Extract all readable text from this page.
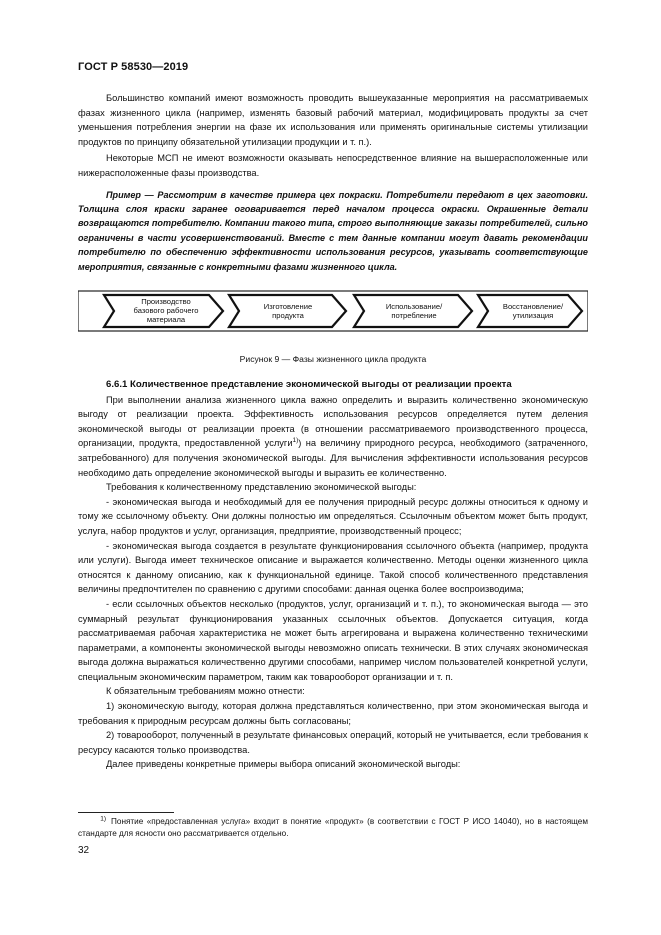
ГОСТ Р 58530—2019

Большинство компаний имеют возможность проводить вышеуказанные мероприятия на рассматриваемых фазах жизненного цикла (например, изменять базовый рабочий материал, модифицировать продукты за счет уменьшения потребления энергии на фазе их использования или применять оригинальные системы утилизации продуктов по принципу обязательной утилизации продукции и т. п.).

Некоторые МСП не имеют возможности оказывать непосредственное влияние на вышерасположенные или нижерасположенные фазы производства.

Пример — Рассмотрим в качестве примера цех покраски. Потребители передают в цех заготовки. Толщина слоя краски заранее оговаривается перед началом процесса окраски. Окрашенные детали возвращаются потребителю. Компании такого типа, строго выполняющие заказы потребителей, сильно ограничены в части усовершенствований. Вместе с тем данные компании могут давать рекомендации потребителю по обеспечению эффективности использования ресурсов, указывать соответствующие мероприятия, связанные с конкретными фазами жизненного цикла.

Производство
базового рабочего
материала
Изготовление
продукта
Использование/
потребление
Восстановление/
утилизация
Рисунок 9 — Фазы жизненного цикла продукта

6.6.1 Количественное представление экономической выгоды от реализации проекта

При выполнении анализа жизненного цикла важно определить и выразить количественно экономическую выгоду от реализации проекта. Эффективность использования ресурсов определяется путем деления экономической выгоды от реализации проекта (в отношении рассматриваемого производственного процесса, организации, продукта, предоставленной услуги$^{1)}$) на величину природного ресурса, необходимого (затраченного, затребованного) для получения экономической выгоды. Для вычисления эффективности использования ресурсов необходимо дать определение экономической выгоды и выразить ее количественно.

Требования к количественному представлению экономической выгоды:

- экономическая выгода и необходимый для ее получения природный ресурс должны относиться к одному и тому же ссылочному объекту. Они должны полностью им определяться. Ссылочным объектом может быть продукт, услуга, набор продуктов и услуг, организация, предприятие, производственный процесс;

- экономическая выгода создается в результате функционирования ссылочного объекта (например, продукта или услуги). Выгода имеет техническое описание и выражается количественно. Методы оценки жизненного цикла относятся к данному описанию, как к функциональной единице. Такой способ количественного представления величины предпочтителен по сравнению с другими способами: данная оценка более воспроизводима;

- если ссылочных объектов несколько (продуктов, услуг, организаций и т. п.), то экономическая выгода — это суммарный результат функционирования указанных ссылочных объектов. Допускается ситуация, когда рассматриваемая рабочая характеристика не может быть агрегирована и выражена количественно техническими параметрами, а компоненты экономической выгоды невозможно описать технически. В этих случаях экономическая выгода должна выражаться количественно другими способами, например числом пользователей конкретной услуги, специальным экономическим параметром, таким как товарооборот организации и т. п.

К обязательным требованиям можно отнести:

1) экономическую выгоду, которая должна представляться количественно, при этом экономическая выгода и требования к природным ресурсам должны быть согласованы;

2) товарооборот, полученный в результате финансовых операций, который не учитывается, если требования к ресурсу касаются только производства.

Далее приведены конкретные примеры выбора описаний экономической выгоды:

$^{1)}$ Понятие «предоставленная услуга» входит в понятие «продукт» (в соответствии с ГОСТ Р ИСО 14040), но в настоящем стандарте для ясности оно рассматривается отдельно.
32
